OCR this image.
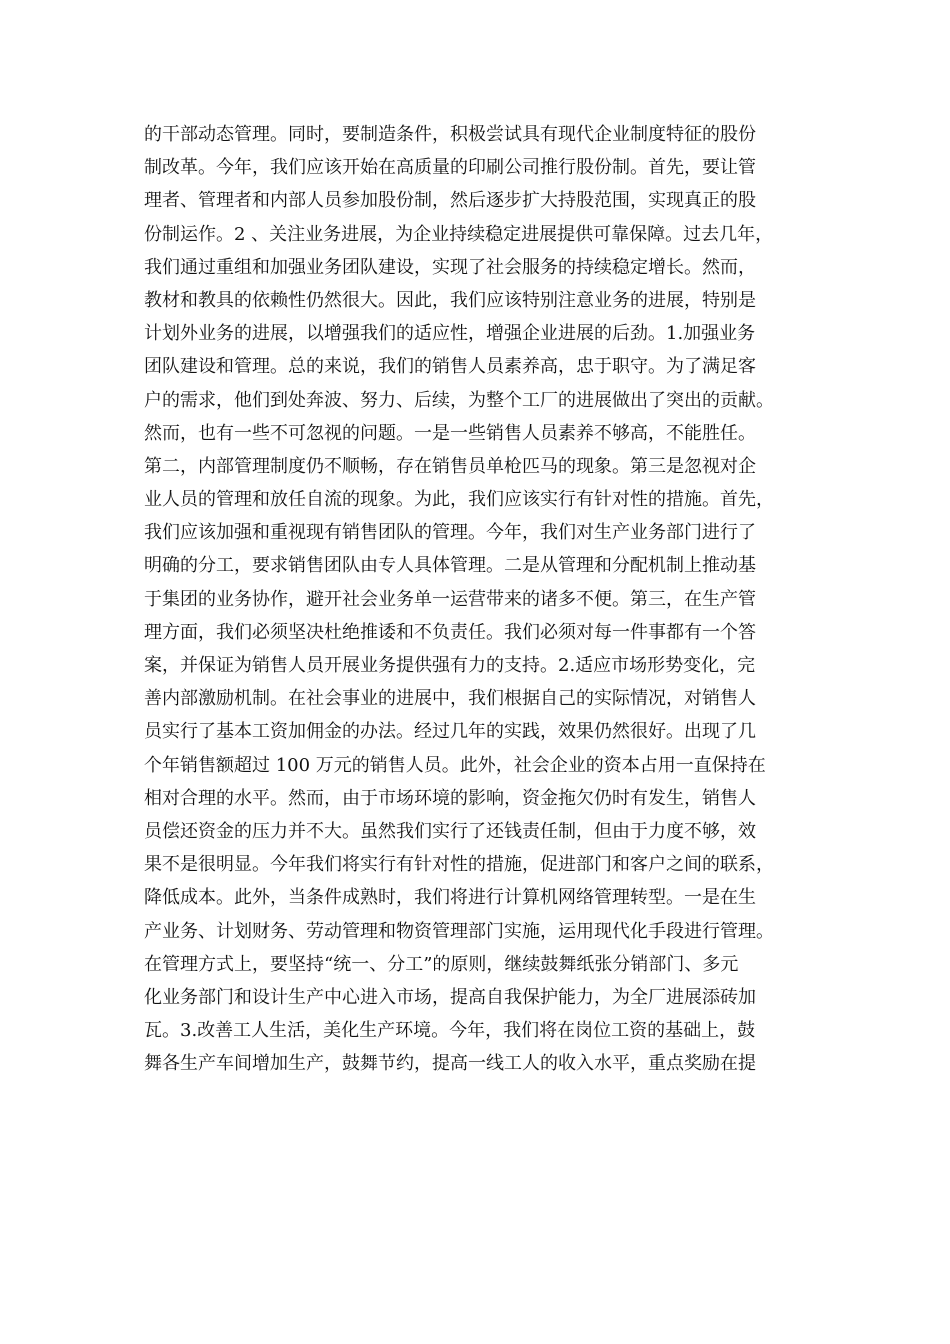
的干部动态管理。同时，要制造条件，积极尝试具有现代企业制度特征的股份
制改革。今年，我们应该开始在高质量的印刷公司推行股份制。首先，要让管
理者、管理者和内部人员参加股份制，然后逐步扩大持股范围，实现真正的股
份制运作。2 、关注业务进展，为企业持续稳定进展提供可靠保障。过去几年，
我们通过重组和加强业务团队建设，实现了社会服务的持续稳定增长。然而，
教材和教具的依赖性仍然很大。因此，我们应该特别注意业务的进展，特别是
计划外业务的进展，以增强我们的适应性，增强企业进展的后劲。1.加强业务
团队建设和管理。总的来说，我们的销售人员素养高，忠于职守。为了满足客
户的需求，他们到处奔波、努力、后续，为整个工厂的进展做出了突出的贡献。
然而，也有一些不可忽视的问题。一是一些销售人员素养不够高，不能胜任。
第二，内部管理制度仍不顺畅，存在销售员单枪匹马的现象。第三是忽视对企
业人员的管理和放任自流的现象。为此，我们应该实行有针对性的措施。首先，
我们应该加强和重视现有销售团队的管理。今年，我们对生产业务部门进行了
明确的分工，要求销售团队由专人具体管理。二是从管理和分配机制上推动基
于集团的业务协作，避开社会业务单一运营带来的诸多不便。第三，在生产管
理方面，我们必须坚决杜绝推诿和不负责任。我们必须对每一件事都有一个答
案，并保证为销售人员开展业务提供强有力的支持。2.适应市场形势变化，完
善内部激励机制。在社会事业的进展中，我们根据自己的实际情况，对销售人
员实行了基本工资加佣金的办法。经过几年的实践，效果仍然很好。出现了几
个年销售额超过 100 万元的销售人员。此外，社会企业的资本占用一直保持在
相对合理的水平。然而，由于市场环境的影响，资金拖欠仍时有发生，销售人
员偿还资金的压力并不大。虽然我们实行了还钱责任制，但由于力度不够，效
果不是很明显。今年我们将实行有针对性的措施，促进部门和客户之间的联系，
降低成本。此外，当条件成熟时，我们将进行计算机网络管理转型。一是在生
产业务、计划财务、劳动管理和物资管理部门实施，运用现代化手段进行管理。
在管理方式上，要坚持“统一、分工”的原则，继续鼓舞纸张分销部门、多元
化业务部门和设计生产中心进入市场，提高自我保护能力，为全厂进展添砖加
瓦。3.改善工人生活，美化生产环境。今年，我们将在岗位工资的基础上，鼓
舞各生产车间增加生产，鼓舞节约，提高一线工人的收入水平，重点奖励在提
